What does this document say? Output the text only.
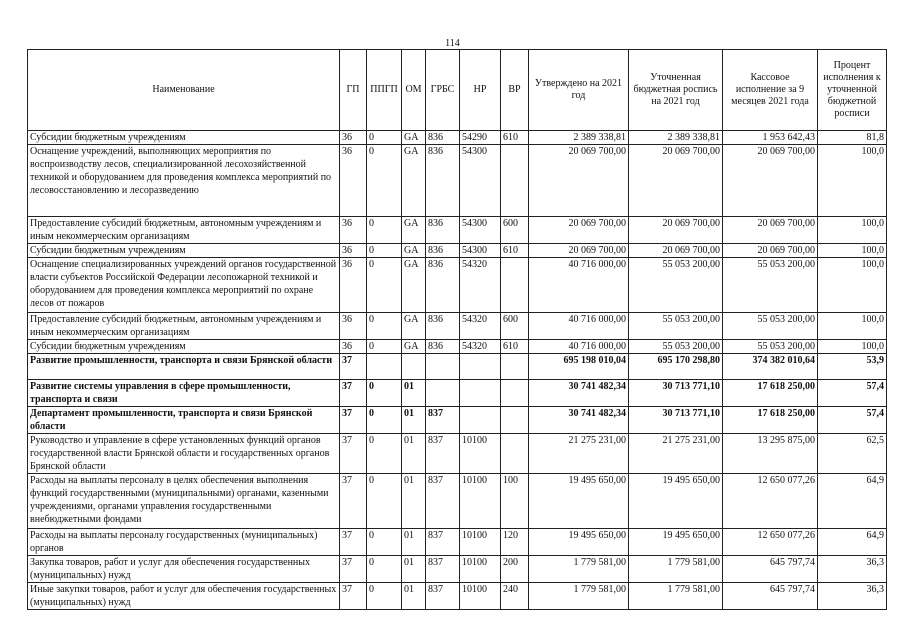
114
Наименование	ГП	ППГП	ОМ	ГРБС	НР	ВР	Утверждено на 2021 год	Уточненная бюджетная роспись на 2021 год	Кассовое исполнение за 9 месяцев 2021 года	Процент исполнения к уточненной бюджетной росписи
Субсидии бюджетным учреждениям	36	0	GA	836	54290	610	2 389 338,81	2 389 338,81	1 953 642,43	81,8
Оснащение учреждений, выполняющих мероприятия по воспроизводству лесов, специализированной лесохозяйственной техникой и оборудованием для проведения комплекса мероприятий по лесовосстановлению и лесоразведению	36	0	GA	836	54300		20 069 700,00	20 069 700,00	20 069 700,00	100,0
Предоставление субсидий бюджетным, автономным учреждениям и иным некоммерческим организациям	36	0	GA	836	54300	600	20 069 700,00	20 069 700,00	20 069 700,00	100,0
Субсидии бюджетным учреждениям	36	0	GA	836	54300	610	20 069 700,00	20 069 700,00	20 069 700,00	100,0
Оснащение специализированных учреждений органов государственной власти субъектов Российской Федерации лесопожарной техникой и оборудованием для проведения комплекса мероприятий по охране лесов от пожаров	36	0	GA	836	54320		40 716 000,00	55 053 200,00	55 053 200,00	100,0
Предоставление субсидий бюджетным, автономным учреждениям и иным некоммерческим организациям	36	0	GA	836	54320	600	40 716 000,00	55 053 200,00	55 053 200,00	100,0
Субсидии бюджетным учреждениям	36	0	GA	836	54320	610	40 716 000,00	55 053 200,00	55 053 200,00	100,0
Развитие промышленности, транспорта и связи Брянской области	37						695 198 010,04	695 170 298,80	374 382 010,64	53,9
Развитие системы управления в сфере промышленности, транспорта и связи	37	0	01				30 741 482,34	30 713 771,10	17 618 250,00	57,4
Департамент промышленности, транспорта и связи Брянской области	37	0	01	837			30 741 482,34	30 713 771,10	17 618 250,00	57,4
Руководство и управление в сфере установленных функций органов государственной власти Брянской области и государственных органов Брянской области	37	0	01	837	10100		21 275 231,00	21 275 231,00	13 295 875,00	62,5
Расходы на выплаты персоналу в целях обеспечения выполнения функций государственными (муниципальными) органами, казенными учреждениями, органами управления государственными внебюджетными фондами	37	0	01	837	10100	100	19 495 650,00	19 495 650,00	12 650 077,26	64,9
Расходы на выплаты персоналу государственных (муниципальных) органов	37	0	01	837	10100	120	19 495 650,00	19 495 650,00	12 650 077,26	64,9
Закупка товаров, работ и услуг для обеспечения государственных (муниципальных) нужд	37	0	01	837	10100	200	1 779 581,00	1 779 581,00	645 797,74	36,3
Иные закупки товаров, работ и услуг для обеспечения государственных (муниципальных) нужд	37	0	01	837	10100	240	1 779 581,00	1 779 581,00	645 797,74	36,3
